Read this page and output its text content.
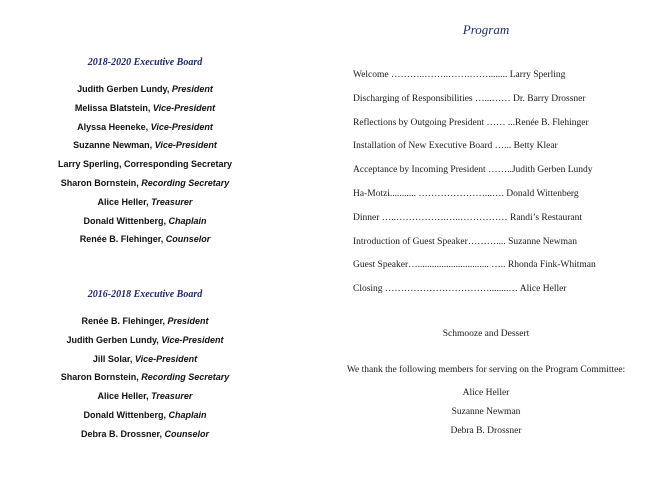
2018-2020 Executive Board
Judith Gerben Lundy, President
Melissa Blatstein, Vice-President
Alyssa Heeneke, Vice-President
Suzanne Newman, Vice-President
Larry Sperling, Corresponding Secretary
Sharon Bornstein, Recording Secretary
Alice Heller, Treasurer
Donald Wittenberg, Chaplain
Renée B. Flehinger, Counselor
2016-2018 Executive Board
Renée B. Flehinger, President
Judith Gerben Lundy, Vice-President
Jill Solar, Vice-President
Sharon Bornstein, Recording Secretary
Alice Heller, Treasurer
Donald Wittenberg, Chaplain
Debra B. Drossner, Counselor
Program
Welcome ………..……..…….……........ Larry Sperling
Discharging of Responsibilities …...…… Dr. Barry Drossner
Reflections by Outgoing President …… ...Renée B. Flehinger
Installation of New Executive Board …... Betty Klear
Acceptance by Incoming President ……..Judith Gerben Lundy
Ha-Motzi........... …………………...…. Donald Wittenberg
Dinner …..…………….…..…………… Randi’s Restaurant
Introduction of Guest Speaker……….... Suzanne Newman
Guest Speaker….............................. ….. Rhonda Fink-Whitman
Closing ……………………………........… Alice Heller
Schmooze and Dessert
We thank the following members for serving on the Program Committee:
Alice Heller
Suzanne Newman
Debra B. Drossner
